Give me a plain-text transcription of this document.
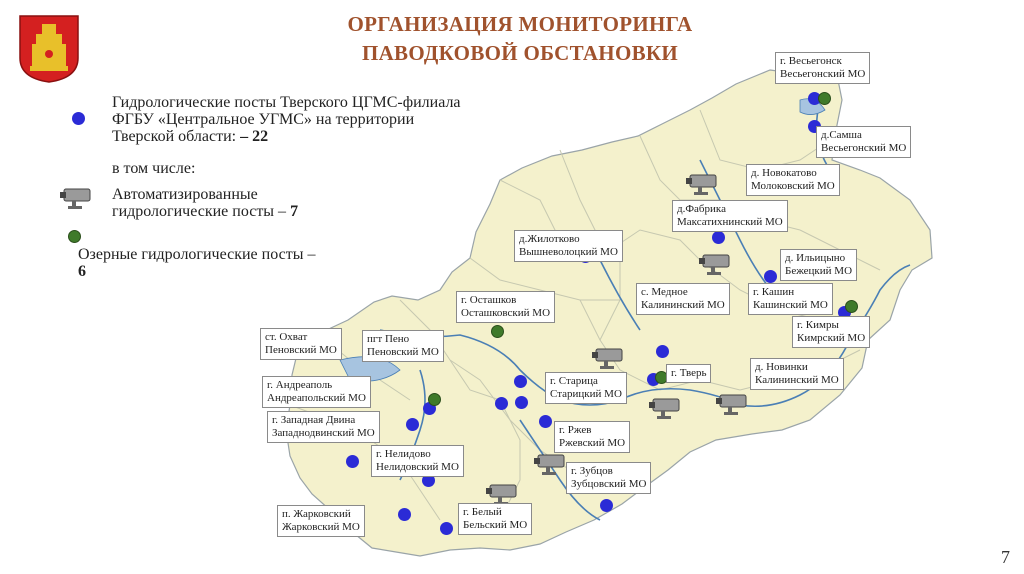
ОРГАНИЗАЦИЯ МОНИТОРИНГА
ПАВОДКОВОЙ ОБСТАНОВКИ
Гидрологические посты Тверского ЦГМС-филиала ФГБУ «Центральное УГМС» на территории Тверской области: – 22
в том числе:
Автоматизированные гидрологические посты – 7
Озерные гидрологические посты – 6
г. Весьегонск
Весьегонский МО
д.Самша
Весьегонский МО
д. Новокатово
Молоковский МО
д.Фабрика
Максатихнинский МО
д.Жилотково
Вышневолоцкий МО	д. Ильицыно
Бежецкий МО
с. Медное
Калининский МО
г. Кашин
Кашинский МО
г. Кимры
Кимрский МО
г. Осташков
Осташковский МО
ст. Охват
Пеновский МО
пгт Пено
Пеновский МО
г. Тверь	д. Новинки
Калининский МО
г. Андреаполь
Андреапольский МО
г. Старица
Старицкий МО
г. Западная Двина
Западнодвинский МО	г. Ржев
Ржевский МО
г. Нелидово
Нелидовский МО	г. Зубцов
Зубцовский МО
п. Жарковский
Жарковский МО
г. Белый
Бельский МО
7
